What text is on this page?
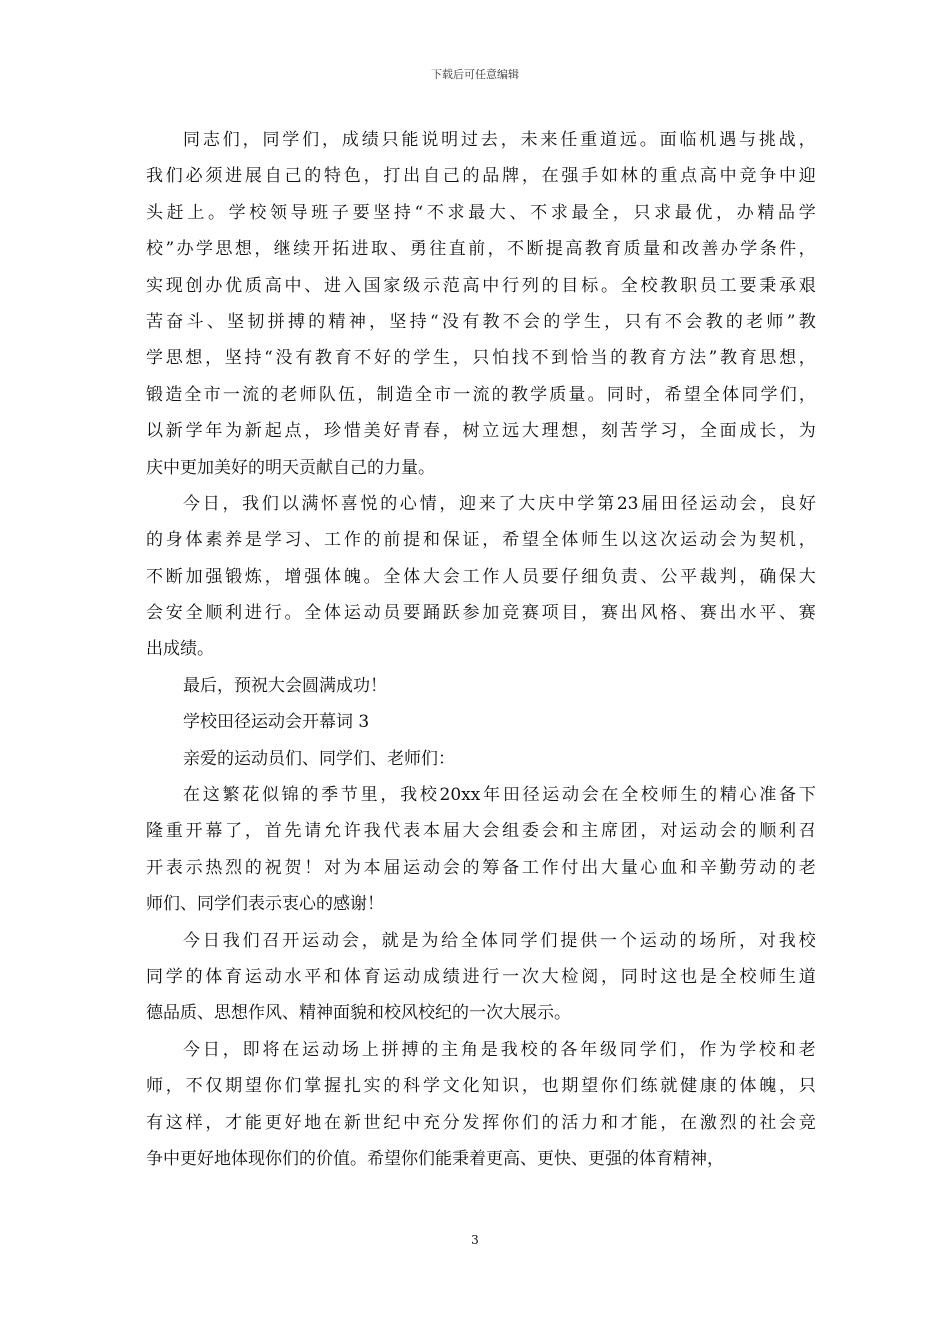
下载后可任意编辑
同 志 们 ， 同 学 们 ， 成 绩 只 能 说 明 过 去 ， 未 来 任 重 道 远 。 面 临 机 遇 与 挑 战 ，
我 们 必 须 进 展 自 己 的 特 色 ， 打 出 自 己 的 品 牌 ， 在 强 手 如 林 的 重 点 高 中 竞 争 中 迎
头 赶 上 。 学 校 领 导 班 子 要 坚 持 “ 不 求 最 大 、 不 求 最 全 ， 只 求 最 优 ， 办 精 品 学
校 ” 办 学 思 想 ， 继 续 开 拓 进 取 、 勇 往 直 前 ， 不 断 提 高 教 育 质 量 和 改 善 办 学 条 件 ，
实 现 创 办 优 质 高 中 、 进 入 国 家 级 示 范 高 中 行 列 的 目 标 。 全 校 教 职 员 工 要 秉 承 艰
苦 奋 斗 、 坚 韧 拼 搏 的 精 神 ， 坚 持 “ 没 有 教 不 会 的 学 生 ， 只 有 不 会 教 的 老 师 ” 教
学 思 想 ， 坚 持 “ 没 有 教 育 不 好 的 学 生 ， 只 怕 找 不 到 恰 当 的 教 育 方 法 ” 教 育 思 想 ，
锻 造 全 市 一 流 的 老 师 队 伍 ， 制 造 全 市 一 流 的 教 学 质 量 。 同 时 ， 希 望 全 体 同 学 们 ，
以 新 学 年 为 新 起 点 ， 珍 惜 美 好 青 春 ， 树 立 远 大 理 想 ， 刻 苦 学 习 ， 全 面 成 长 ， 为
庆中更加美好的明天贡献自己的力量。
今 日 ， 我 们 以 满 怀 喜 悦 的 心 情 ， 迎 来 了 大 庆 中 学 第 23 届 田 径 运 动 会 ， 良 好
的 身 体 素 养 是 学 习 、 工 作 的 前 提 和 保 证 ， 希 望 全 体 师 生 以 这 次 运 动 会 为 契 机 ，
不 断 加 强 锻 炼 ， 增 强 体 魄 。 全 体 大 会 工 作 人 员 要 仔 细 负 责 、 公 平 裁 判 ， 确 保 大
会 安 全 顺 利 进 行 。 全 体 运 动 员 要 踊 跃 参 加 竞 赛 项 目 ， 赛 出 风 格 、 赛 出 水 平 、 赛
出成绩。
最后，预祝大会圆满成功！
学校田径运动会开幕词 3
亲爱的运动员们、同学们、老师们：
在 这 繁 花 似 锦 的 季 节 里 ， 我 校 20xx 年 田 径 运 动 会 在 全 校 师 生 的 精 心 准 备 下
隆 重 开 幕 了 ， 首 先 请 允 许 我 代 表 本 届 大 会 组 委 会 和 主 席 团 ， 对 运 动 会 的 顺 利 召
开 表 示 热 烈 的 祝 贺 ！ 对 为 本 届 运 动 会 的 筹 备 工 作 付 出 大 量 心 血 和 辛 勤 劳 动 的 老
师们、同学们表示衷心的感谢！
今 日 我 们 召 开 运 动 会 ， 就 是 为 给 全 体 同 学 们 提 供 一 个 运 动 的 场 所 ， 对 我 校
同 学 的 体 育 运 动 水 平 和 体 育 运 动 成 绩 进 行 一 次 大 检 阅 ， 同 时 这 也 是 全 校 师 生 道
德品质、思想作风、精神面貌和校风校纪的一次大展示。
今 日 ， 即 将 在 运 动 场 上 拼 搏 的 主 角 是 我 校 的 各 年 级 同 学 们 ， 作 为 学 校 和 老
师 ， 不 仅 期 望 你 们 掌 握 扎 实 的 科 学 文 化 知 识 ， 也 期 望 你 们 练 就 健 康 的 体 魄 ， 只
有 这 样 ， 才 能 更 好 地 在 新 世 纪 中 充 分 发 挥 你 们 的 活 力 和 才 能 ， 在 激 烈 的 社 会 竞
争中更好地体现你们的价值。希望你们能秉着更高、更快、更强的体育精神，
3
